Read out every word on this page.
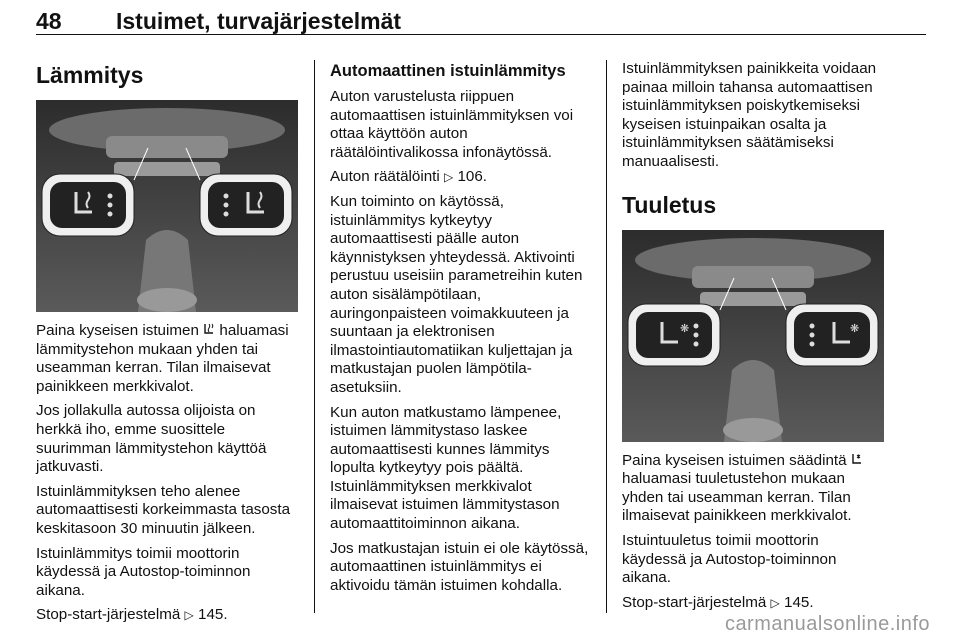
48 Istuimet, turvajärjestelmät
Lämmitys

Paina kyseisen istuimen  haluamasi lämmitystehon mukaan yhden tai useamman kerran. Tilan ilmaisevat painikkeen merkkivalot.

Jos jollakulla autossa olijoista on herkkä iho, emme suosittele suurimman lämmitystehon käyttöä jatkuvasti.

Istuinlämmityksen teho alenee automaattisesti korkeimmasta tasosta keskitasoon 30 minuutin jälkeen.

Istuinlämmitys toimii moottorin käydessä ja Autostop-toiminnon aikana.

Stop-start-järjestelmä ▷ 145.

Automaattinen istuinlämmitys

Auton varustelusta riippuen automaattisen istuinlämmityksen voi ottaa käyttöön auton räätälöintivalikossa infonäytössä.

Auton räätälöinti ▷ 106.

Kun toiminto on käytössä, istuinlämmitys kytkeytyy automaattisesti päälle auton käynnistyksen yhteydessä. Aktivointi perustuu useisiin parametreihin kuten auton sisälämpötilaan, auringonpaisteen voimakkuuteen ja suuntaan ja elektronisen ilmastointiautomatiikan kuljettajan ja matkustajan puolen lämpötila-asetuksiin.

Kun auton matkustamo lämpenee, istuimen lämmitystaso laskee automaattisesti kunnes lämmitys lopulta kytkeytyy pois päältä. Istuinlämmityksen merkkivalot ilmaisevat istuimen lämmitystason automaattitoiminnon aikana.

Jos matkustajan istuin ei ole käytössä, automaattinen istuinlämmitys ei aktivoidu tämän istuimen kohdalla.

Istuinlämmityksen painikkeita voidaan painaa milloin tahansa automaattisen istuinlämmityksen poiskytkemiseksi kyseisen istuinpaikan osalta ja istuinlämmityksen säätämiseksi manuaalisesti.

Tuuletus
❋	❋

Paina kyseisen istuimen säädintä  haluamasi tuuletustehon mukaan yhden tai useamman kerran. Tilan ilmaisevat painikkeen merkkivalot.

Istuintuuletus toimii moottorin käydessä ja Autostop-toiminnon aikana.

Stop-start-järjestelmä ▷ 145.

carmanualsonline.info
